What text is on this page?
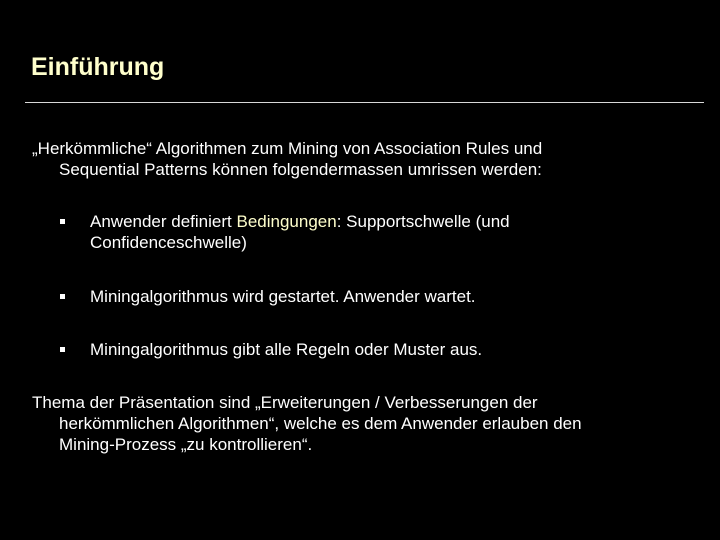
Einführung

„Herkömmliche“ Algorithmen zum Mining von Association Rules und
Sequential Patterns können folgendermassen umrissen werden:

Anwender definiert Bedingungen: Supportschwelle (und
Confidenceschwelle)
Miningalgorithmus wird gestartet. Anwender wartet.
Miningalgorithmus gibt alle Regeln oder Muster aus.

Thema der Präsentation sind „Erweiterungen / Verbesserungen der
herkömmlichen Algorithmen“, welche es dem Anwender erlauben den
Mining-Prozess „zu kontrollieren“.
